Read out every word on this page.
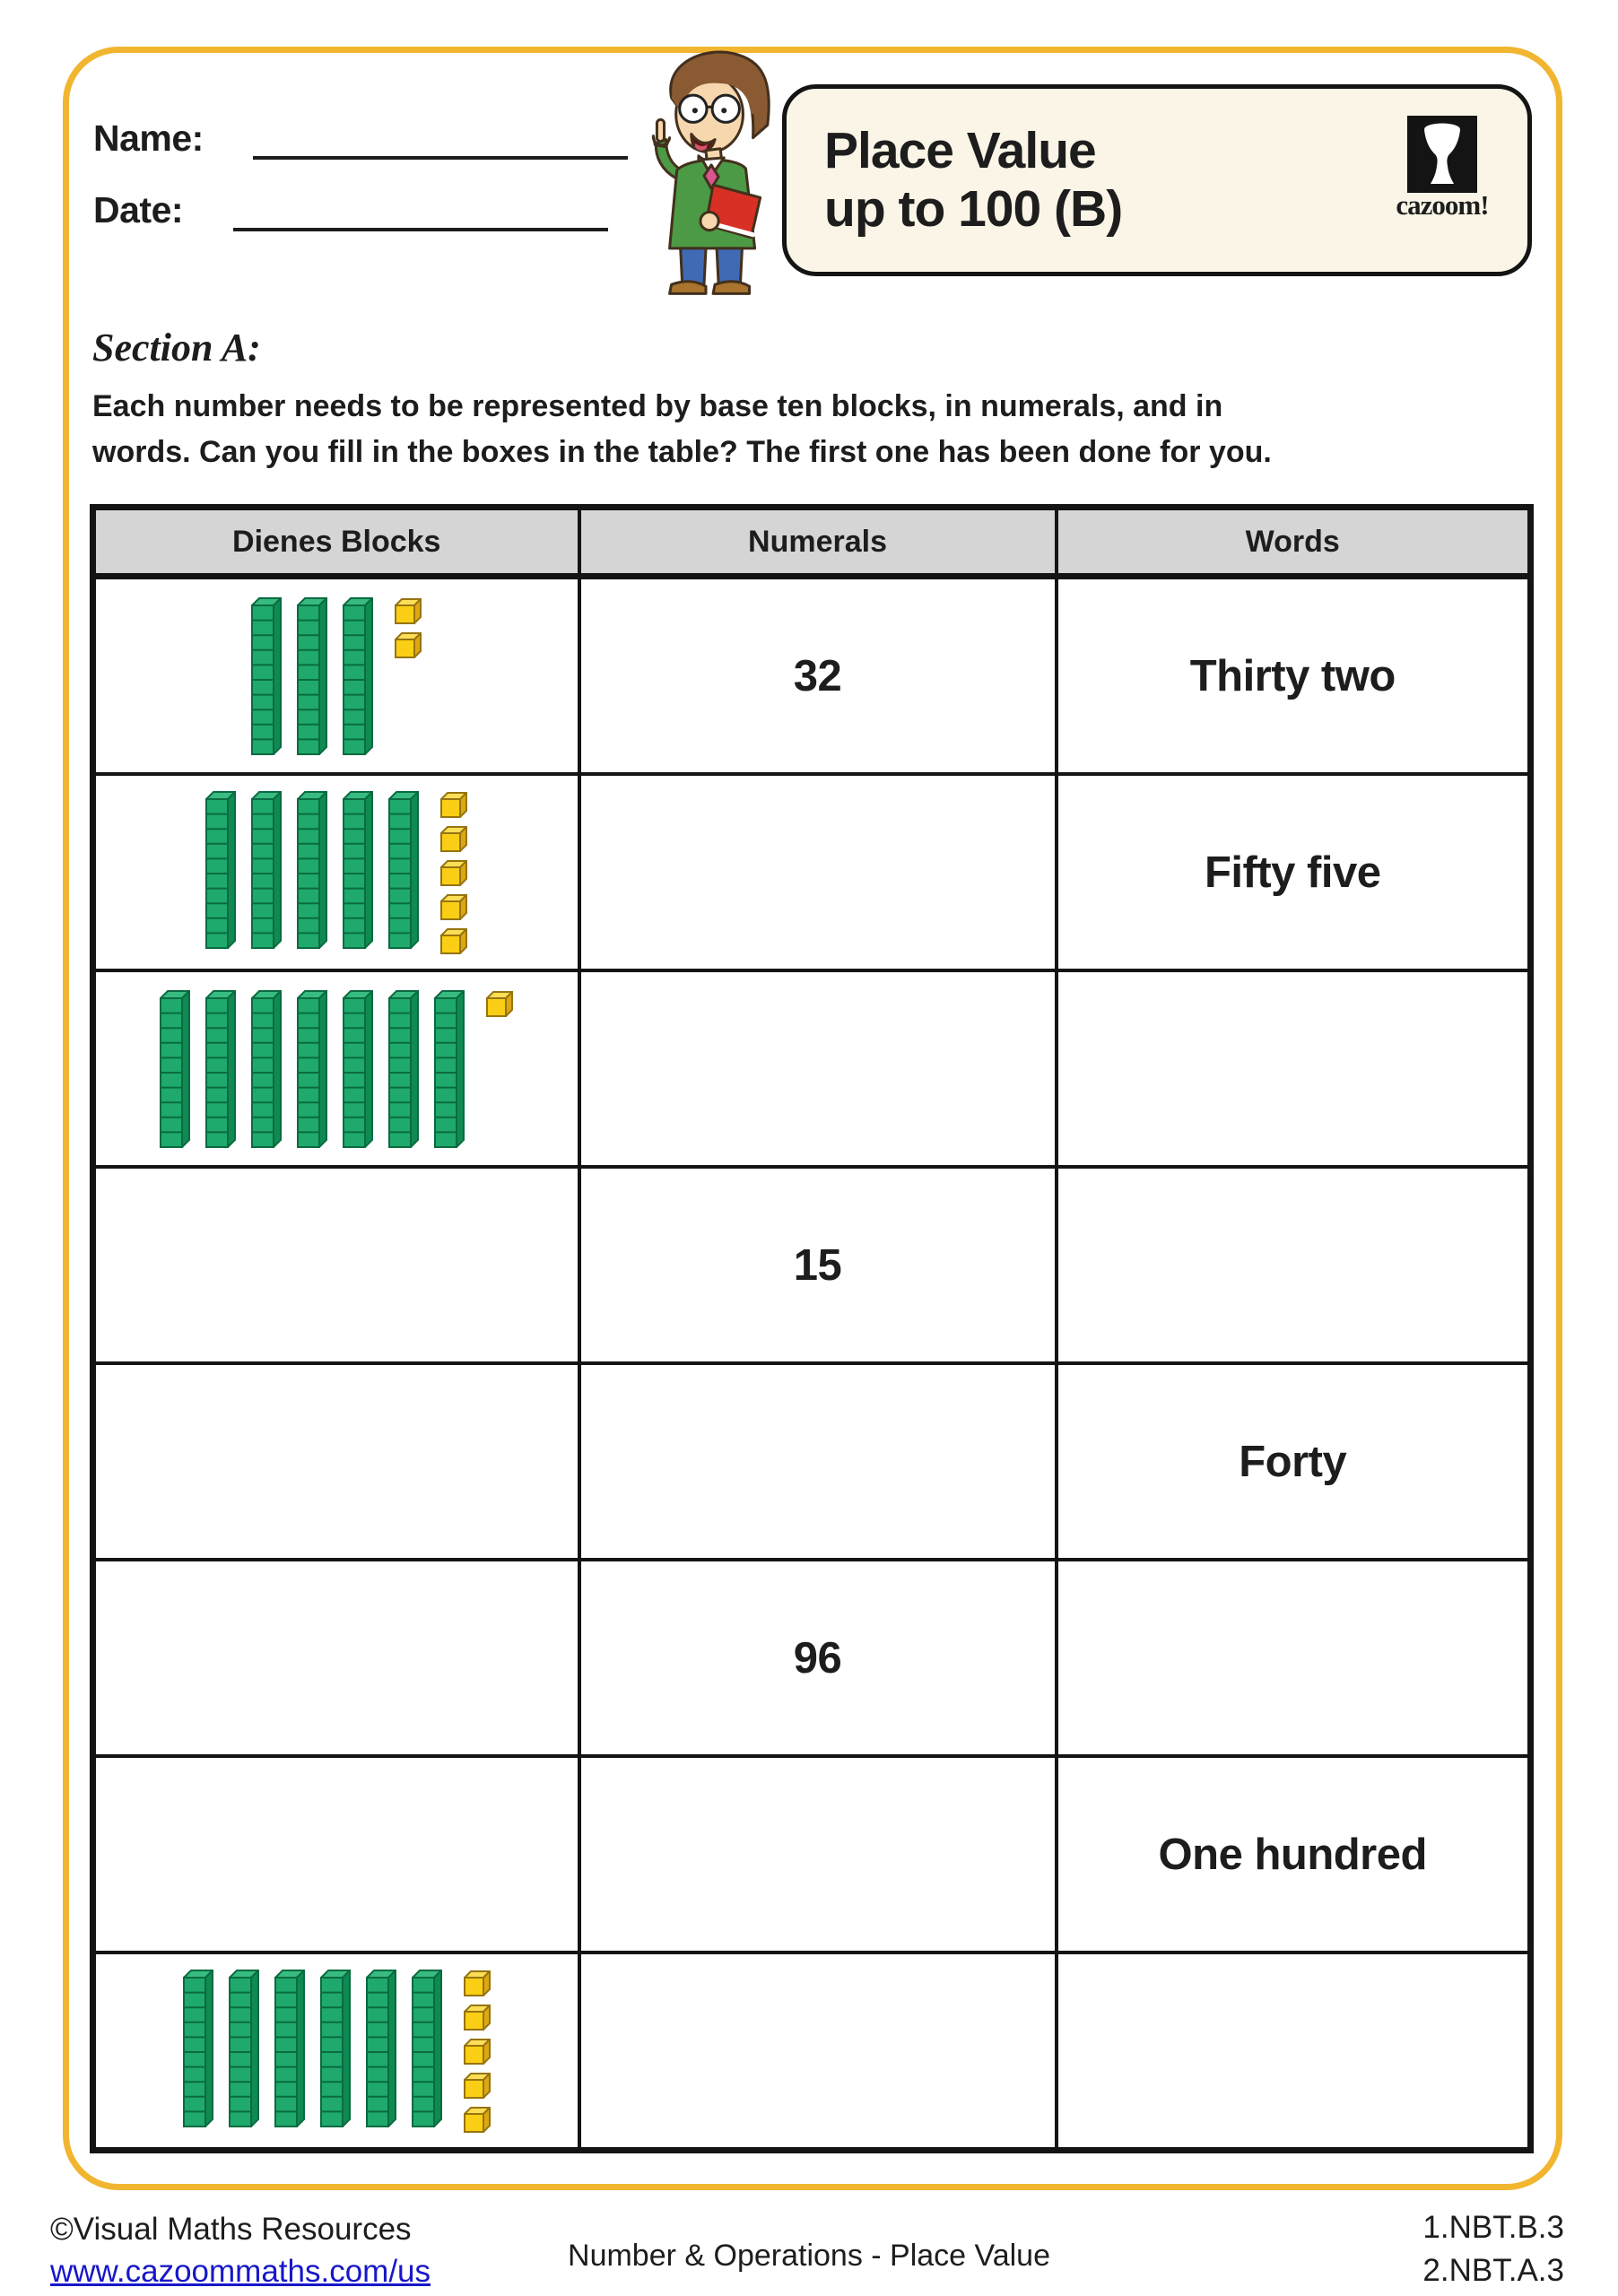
Name:
Date:
Place Value
up to 100 (B)	cazoom!
Section A:
Each number needs to be represented by base ten blocks, in numerals, and in
words. Can you fill in the boxes in the table? The first one has been done for you.
Dienes Blocks	Numerals	Words

	32	Thirty two

		Fifty five

	15	
		Forty
	96	
		One hundred

©Visual Maths Resources
www.cazoommaths.com/us	Number & Operations - Place Value
1.NBT.B.3
2.NBT.A.3
